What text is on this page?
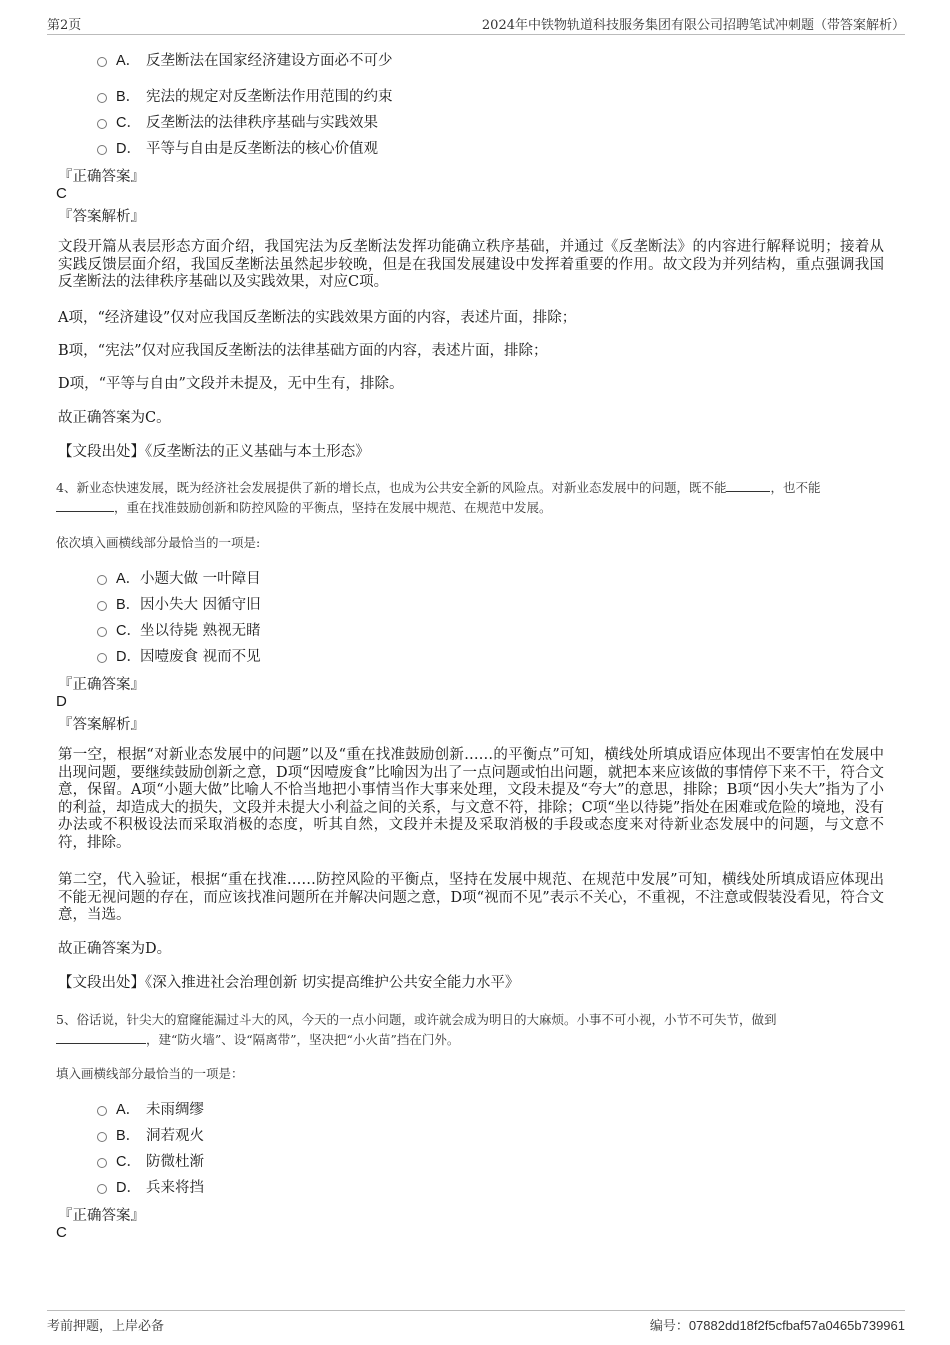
第2页	2024年中铁物轨道科技服务集团有限公司招聘笔试冲刺题（带答案解析）
A． 反垄断法在国家经济建设方面必不可少
B． 宪法的规定对反垄断法作用范围的约束
C． 反垄断法的法律秩序基础与实践效果
D． 平等与自由是反垄断法的核心价值观
『正确答案』
C
『答案解析』

文段开篇从表层形态方面介绍，我国宪法为反垄断法发挥功能确立秩序基础，并通过《反垄断法》的内容进行解释说明；接着从实践反馈层面介绍，我国反垄断法虽然起步较晚，但是在我国发展建设中发挥着重要的作用。故文段为并列结构，重点强调我国反垄断法的法律秩序基础以及实践效果，对应C项。

A项，“经济建设”仅对应我国反垄断法的实践效果方面的内容，表述片面，排除；

B项，“宪法”仅对应我国反垄断法的法律基础方面的内容，表述片面，排除；

D项，“平等与自由”文段并未提及，无中生有，排除。

故正确答案为C。

【文段出处】《反垄断法的正义基础与本土形态》

4、新业态快速发展，既为经济社会发展提供了新的增长点，也成为公共安全新的风险点。对新业态发展中的问题，既不能	，也不能，重在找准鼓励创新和防控风险的平衡点，坚持在发展中规范、在规范中发展。

依次填入画横线部分最恰当的一项是:
A． 小题大做 一叶障目
B． 因小失大 因循守旧
C． 坐以待毙 熟视无睹
D． 因噎废食 视而不见
『正确答案』
D
『答案解析』

第一空，根据“对新业态发展中的问题”以及“重在找准鼓励创新……的平衡点”可知，横线处所填成语应体现出不要害怕在发展中出现问题，要继续鼓励创新之意，D项“因噎废食”比喻因为出了一点问题或怕出问题，就把本来应该做的事情停下来不干，符合文意，保留。A项“小题大做”比喻人不恰当地把小事情当作大事来处理，文段未提及“夸大”的意思，排除；B项“因小失大”指为了小的利益，却造成大的损失，文段并未提大小利益之间的关系，与文意不符，排除；C项“坐以待毙”指处在困难或危险的境地，没有办法或不积极设法而采取消极的态度，听其自然，文段并未提及采取消极的手段或态度来对待新业态发展中的问题，与文意不符，排除。

第二空，代入验证，根据“重在找准……防控风险的平衡点，坚持在发展中规范、在规范中发展”可知，横线处所填成语应体现出不能无视问题的存在，而应该找准问题所在并解决问题之意，D项“视而不见”表示不关心，不重视，不注意或假装没看见，符合文意，当选。

故正确答案为D。

【文段出处】《深入推进社会治理创新 切实提高维护公共安全能力水平》

5、俗话说，针尖大的窟窿能漏过斗大的风，今天的一点小问题，或许就会成为明日的大麻烦。小事不可小视，小节不可失节，做到，建“防火墙”、设“隔离带”，坚决把“小火苗”挡在门外。

填入画横线部分最恰当的一项是：
A． 未雨绸缪
B． 洞若观火
C． 防微杜渐
D． 兵来将挡
『正确答案』
C
考前押题，上岸必备	编号：07882dd18f2f5cfbaf57a0465b739961
